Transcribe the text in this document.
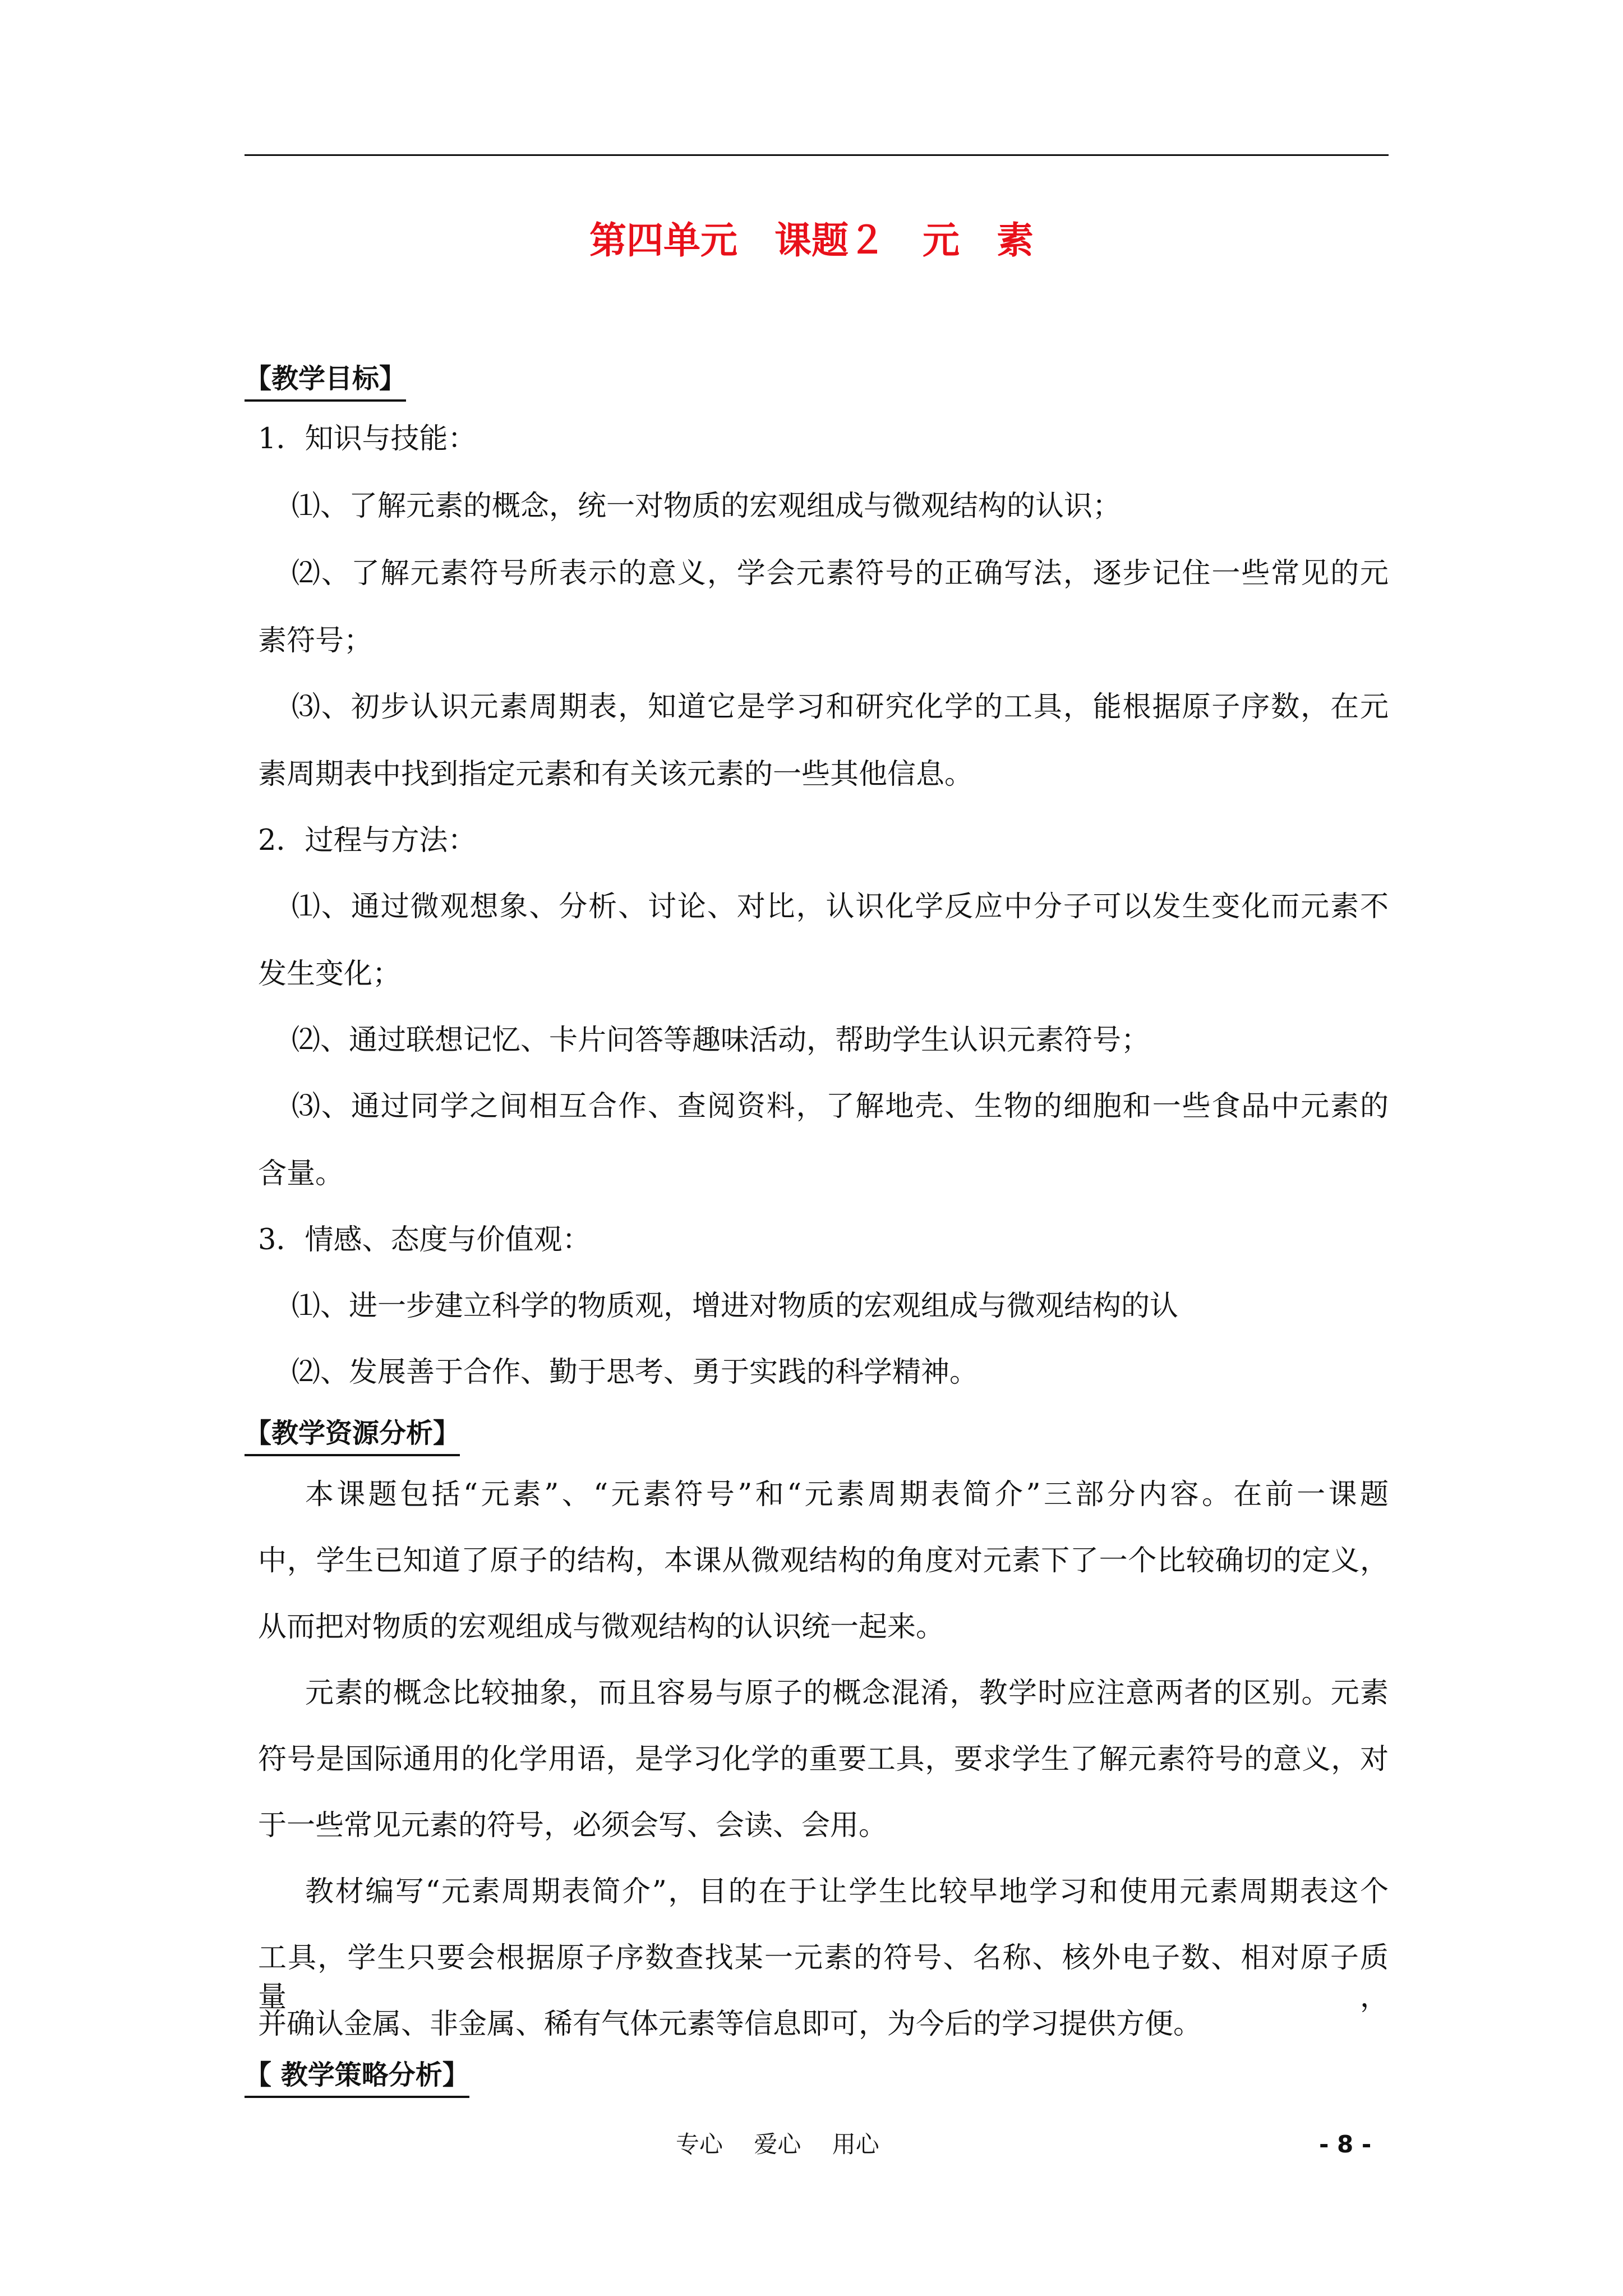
第四单元　课题２　元　素
【教学目标】
1．知识与技能：
⑴、了解元素的概念，统一对物质的宏观组成与微观结构的认识；
⑵、了解元素符号所表示的意义，学会元素符号的正确写法，逐步记住一些常见的元
素符号；
⑶、初步认识元素周期表，知道它是学习和研究化学的工具，能根据原子序数，在元
素周期表中找到指定元素和有关该元素的一些其他信息。
2．过程与方法：
⑴、通过微观想象、分析、讨论、对比，认识化学反应中分子可以发生变化而元素不
发生变化；
⑵、通过联想记忆、卡片问答等趣味活动，帮助学生认识元素符号；
⑶、通过同学之间相互合作、查阅资料，了解地壳、生物的细胞和一些食品中元素的
含量。
3．情感、态度与价值观：
⑴、进一步建立科学的物质观，增进对物质的宏观组成与微观结构的认
⑵、发展善于合作、勤于思考、勇于实践的科学精神。
【教学资源分析】
本课题包括“元素”、“元素符号”和“元素周期表简介”三部分内容。在前一课题
中，学生已知道了原子的结构，本课从微观结构的角度对元素下了一个比较确切的定义，
从而把对物质的宏观组成与微观结构的认识统一起来。
元素的概念比较抽象，而且容易与原子的概念混淆，教学时应注意两者的区别。元素
符号是国际通用的化学用语，是学习化学的重要工具，要求学生了解元素符号的意义，对
于一些常见元素的符号，必须会写、会读、会用。
教材编写“元素周期表简介”，目的在于让学生比较早地学习和使用元素周期表这个
工具，学生只要会根据原子序数查找某一元素的符号、名称、核外电子数、相对原子质量，
并确认金属、非金属、稀有气体元素等信息即可，为今后的学习提供方便。
【 教学策略分析】
专心　 爱心　 用心	- 8 -
